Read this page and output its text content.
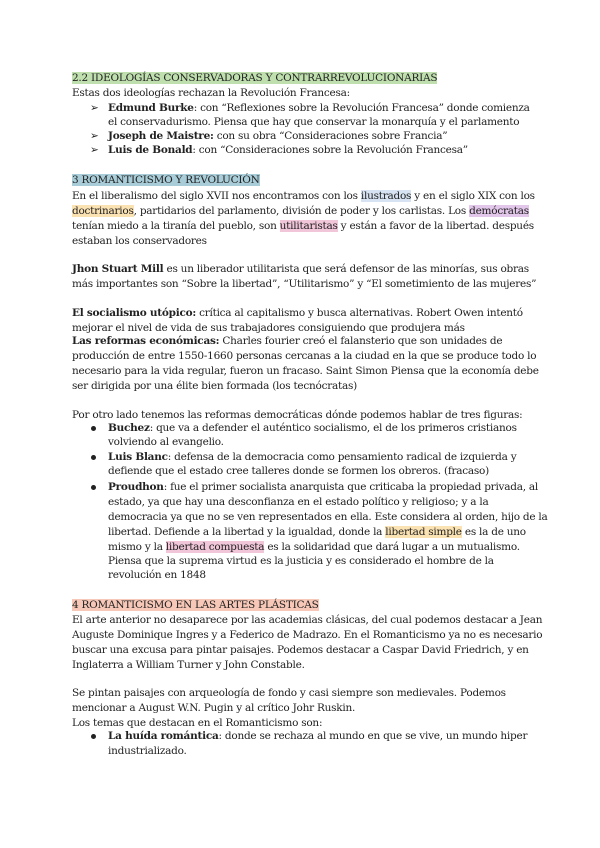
2.2 IDEOLOGÍAS CONSERVADORAS Y CONTRARREVOLUCIONARIAS
Estas dos ideologías rechazan la Revolución Francesa:
➢ Edmund Burke: con “Reflexiones sobre la Revolución Francesa” donde comienza
el conservadurismo. Piensa que hay que conservar la monarquía y el parlamento
➢ Joseph de Maistre: con su obra “Consideraciones sobre Francia”
➢ Luis de Bonald: con “Consideraciones sobre la Revolución Francesa”
3 ROMANTICISMO Y REVOLUCIÓN
En el liberalismo del siglo XVII nos encontramos con los ilustrados y en el siglo XIX con los
doctrinarios, partidarios del parlamento, división de poder y los carlistas. Los demócratas
tenían miedo a la tiranía del pueblo, son utilitaristas y están a favor de la libertad. después
estaban los conservadores
Jhon Stuart Mill es un liberador utilitarista que será defensor de las minorías, sus obras
más importantes son “Sobre la libertad”, “Utilitarismo” y “El sometimiento de las mujeres”
El socialismo utópico: crítica al capitalismo y busca alternativas. Robert Owen intentó
mejorar el nivel de vida de sus trabajadores consiguiendo que produjera más
Las reformas económicas: Charles fourier creó el falansterio que son unidades de
producción de entre 1550-1660 personas cercanas a la ciudad en la que se produce todo lo
necesario para la vida regular, fueron un fracaso. Saint Simon Piensa que la economía debe
ser dirigida por una élite bien formada (los tecnócratas)
Por otro lado tenemos las reformas democráticas dónde podemos hablar de tres figuras:
Buchez: que va a defender el auténtico socialismo, el de los primeros cristianos
volviendo al evangelio.
Luis Blanc: defensa de la democracia como pensamiento radical de izquierda y
defiende que el estado cree talleres donde se formen los obreros. (fracaso)
Proudhon: fue el primer socialista anarquista que criticaba la propiedad privada, al
estado, ya que hay una desconfianza en el estado político y religioso; y a la
democracia ya que no se ven representados en ella. Este considera al orden, hijo de la
libertad. Defiende a la libertad y la igualdad, donde la libertad simple es la de uno
mismo y la libertad compuesta es la solidaridad que dará lugar a un mutualismo.
Piensa que la suprema virtud es la justicia y es considerado el hombre de la
revolución en 1848
4 ROMANTICISMO EN LAS ARTES PLÁSTICAS
El arte anterior no desaparece por las academias clásicas, del cual podemos destacar a Jean
Auguste Dominique Ingres y a Federico de Madrazo. En el Romanticismo ya no es necesario
buscar una excusa para pintar paisajes. Podemos destacar a Caspar David Friedrich, y en
Inglaterra a William Turner y John Constable.
Se pintan paisajes con arqueología de fondo y casi siempre son medievales. Podemos
mencionar a August W.N. Pugin y al crítico Johr Ruskin.
Los temas que destacan en el Romanticismo son:
La huída romántica: donde se rechaza al mundo en que se vive, un mundo hiper
industrializado.
